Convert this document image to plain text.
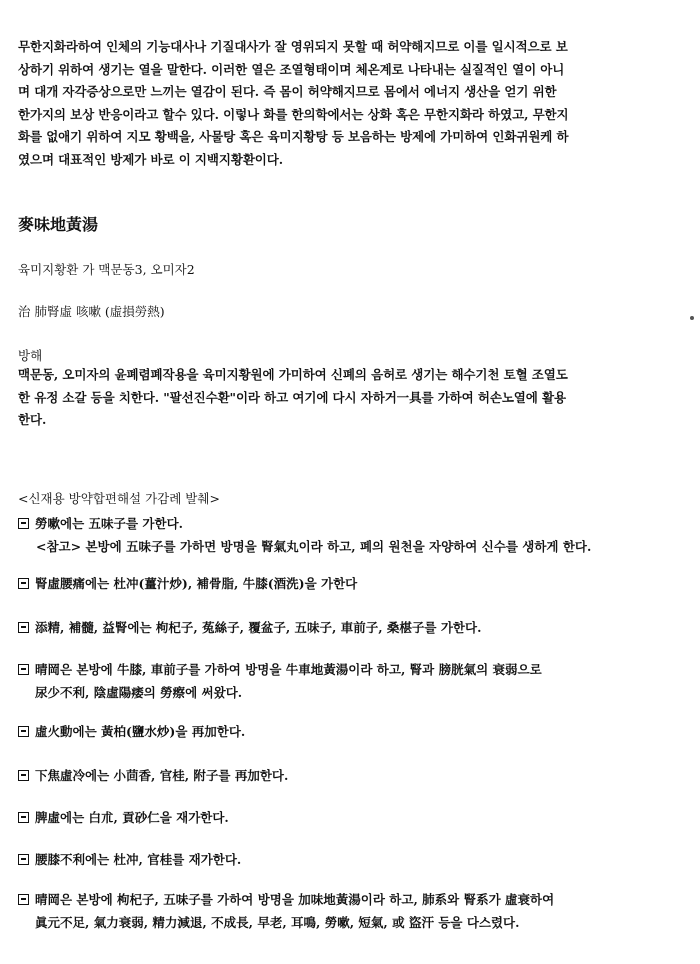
무한지화라하여 인체의 기능대사나 기질대사가 잘 영위되지 못할 때 허약해지므로 이를 일시적으로 보
상하기 위하여 생기는 열을 말한다. 이러한 열은 조열형태이며 체온계로 나타내는 실질적인 열이 아니
며 대개 자각증상으로만 느끼는 열감이 된다. 즉 몸이 허약해지므로 몸에서 에너지 생산을 얻기 위한
한가지의 보상 반응이라고 할수 있다. 이렇나 화를 한의학에서는 상화 혹은 무한지화라 하였고, 무한지
화를 없애기 위하여 지모 황백을, 사물탕 혹은 육미지황탕 등 보음하는 방제에 가미하여 인화귀원케 하
였으며 대표적인 방제가 바로 이 지백지황환이다.

麥味地黃湯

육미지황환 가 맥문동3, 오미자2

治 肺腎虛 咳嗽 (虛損勞熱)

방해

맥문동, 오미자의 윤폐렴폐작용을 육미지황원에 가미하여 신폐의 음허로 생기는 해수기천 토혈 조열도
한 유정 소갈 등을 치한다. "팔선진수환"이라 하고 여기에 다시 자하거一具를 가하여 허손노열에 활용
한다.

<신재용 방약합편해설 가감례 발췌>

勞嗽에는 五味子를 가한다.
<참고> 본방에 五味子를 가하면 방명을 腎氣丸이라 하고, 폐의 원천을 자양하여 신수를 생하게 한다.
腎虛腰痛에는 杜冲(薑汁炒), 補骨脂, 牛膝(酒洗)을 가한다
添精, 補髓, 益腎에는 枸杞子, 菟絲子, 覆盆子, 五味子, 車前子, 桑椹子를 가한다.
晴岡은 본방에 牛膝, 車前子를 가하여 방명을 牛車地黃湯이라 하고, 腎과 膀胱氣의 衰弱으로
尿少不利, 陰虛陽痿의 勞瘵에 써왔다.
虛火動에는 黃柏(鹽水炒)을 再加한다.
下焦虛冷에는 小茴香, 官桂, 附子를 再加한다.
脾虛에는 白朮, 貢砂仁을 재가한다.
腰膝不利에는 杜冲, 官桂를 재가한다.
晴岡은 본방에 枸杞子, 五味子를 가하여 방명을 加味地黃湯이라 하고, 肺系와 腎系가 虛衰하여
眞元不足, 氣力衰弱, 精力減退, 不成長, 早老, 耳鳴, 勞嗽, 短氣, 或 盜汗 등을 다스렸다.
